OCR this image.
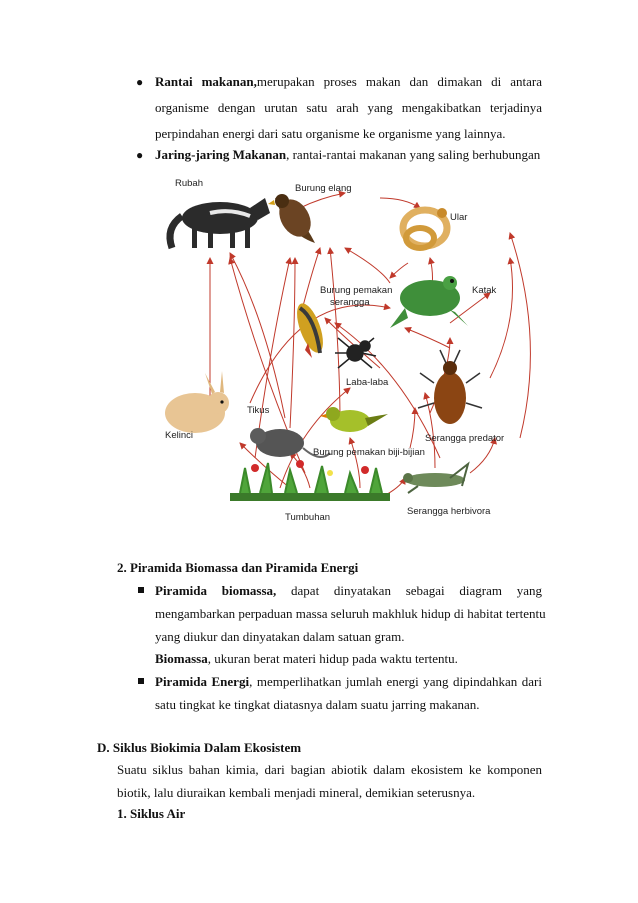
● Rantai makanan,merupakan proses makan dan dimakan di antara
organisme dengan urutan satu arah yang mengakibatkan terjadinya
perpindahan energi dari satu organisme ke organisme yang lainnya.
● Jaring-jaring Makanan, rantai-rantai makanan yang saling berhubungan
Rubah	Burung elang
Ular
Katak
Burung pemakan
serangga
Laba-laba
Tikus
Kelinci	Serangga predator
Burung pemakan biji-bijian
Tumbuhan
Serangga herbivora
2. Piramida Biomassa dan Piramida Energi
Piramida biomassa, dapat dinyatakan sebagai diagram yang
mengambarkan perpaduan massa seluruh makhluk hidup di habitat tertentu
yang diukur dan dinyatakan dalam satuan gram.
Biomassa, ukuran berat materi hidup pada waktu tertentu.
Piramida Energi, memperlihatkan jumlah energi yang dipindahkan dari
satu tingkat ke tingkat diatasnya dalam suatu jarring makanan.
D. Siklus Biokimia Dalam Ekosistem
Suatu siklus bahan kimia, dari bagian abiotik dalam ekosistem ke komponen
biotik, lalu diuraikan kembali menjadi mineral, demikian seterusnya.
1. Siklus Air
